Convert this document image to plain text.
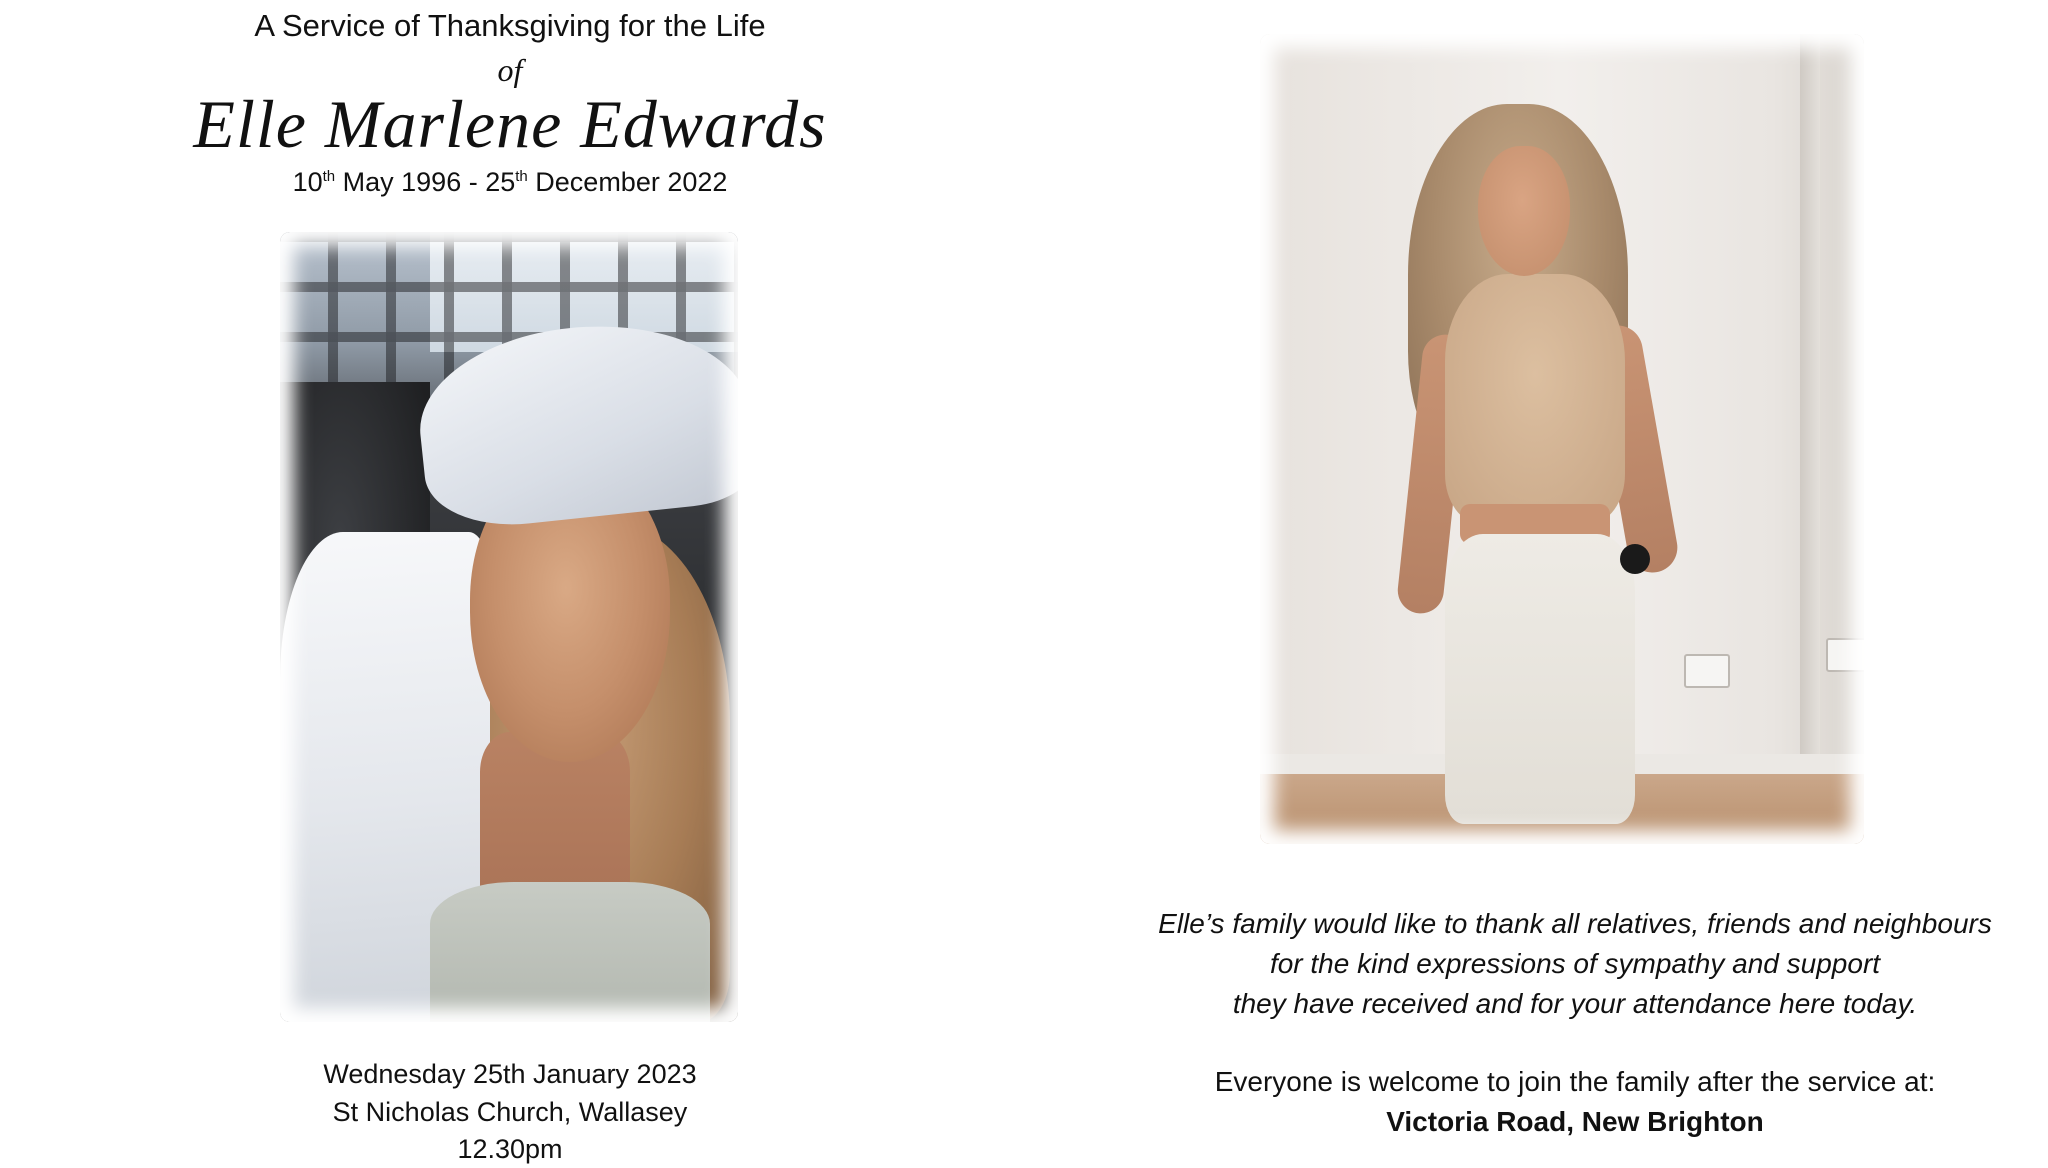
A Service of Thanksgiving for the Life
of
Elle Marlene Edwards
10th May 1996 - 25th December 2022
Wednesday 25th January 2023
St Nicholas Church, Wallasey
12.30pm
Elle’s family would like to thank all relatives, friends and neighbours
for the kind expressions of sympathy and support
they have received and for your attendance here today.
Everyone is welcome to join the family after the service at:
Victoria Road, New Brighton
